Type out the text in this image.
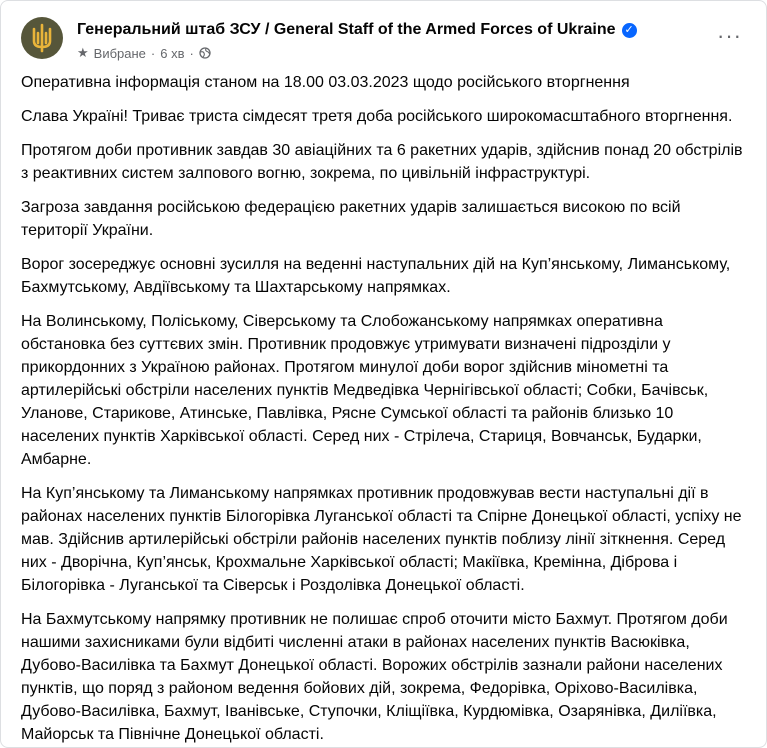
Генеральний штаб ЗСУ / General Staff of the Armed Forces of Ukraine ✓
★ Вибране · 6 хв ·
···

Оперативна інформація станом на 18.00 03.03.2023 щодо російського вторгнення

Слава Україні! Триває триста сімдесят третя доба російського широкомасштабного вторгнення.

Протягом доби противник завдав 30 авіаційних та 6 ракетних ударів, здійснив понад 20 обстрілів з реактивних систем залпового вогню, зокрема, по цивільній інфраструктурі.

Загроза завдання російською федерацією ракетних ударів залишається високою по всій території України.

Ворог зосереджує основні зусилля на веденні наступальних дій на Куп’янському, Лиманському, Бахмутському, Авдіївському та Шахтарському напрямках.

На Волинському, Поліському, Сіверському та Слобожанському напрямках оперативна обстановка без суттєвих змін. Противник продовжує утримувати визначені підрозділи у прикордонних з Україною районах. Протягом минулої доби ворог здійснив мінометні та артилерійські обстріли населених пунктів Медведівка Чернігівської області; Собки, Бачівськ, Уланове, Старикове, Атинське, Павлівка, Рясне Сумської області та районів близько 10 населених пунктів Харківської області. Серед них - Стрілеча, Стариця, Вовчанськ, Бударки, Амбарне.

На Куп’янському та Лиманському напрямках противник продовжував вести наступальні дії в районах населених пунктів Білогорівка Луганської області та Спірне Донецької області, успіху не мав. Здійснив артилерійські обстріли районів населених пунктів поблизу лінії зіткнення. Серед них - Дворічна, Куп’янськ, Крохмальне Харківської області; Макіївка, Кремінна, Діброва і Білогорівка - Луганської та Сіверськ і Роздолівка Донецької області.

На Бахмутському напрямку противник не полишає спроб оточити місто Бахмут. Протягом доби нашими захисниками були відбиті численні атаки в районах населених пунктів Васюківка, Дубово-Василівка та Бахмут Донецької області. Ворожих обстрілів зазнали райони населених пунктів, що поряд з районом ведення бойових дій, зокрема, Федорівка, Оріхово-Василівка, Дубово-Василівка, Бахмут, Іванівське, Ступочки, Кліщіївка, Курдюмівка, Озарянівка, Диліївка, Майорськ та Північне Донецької області.
